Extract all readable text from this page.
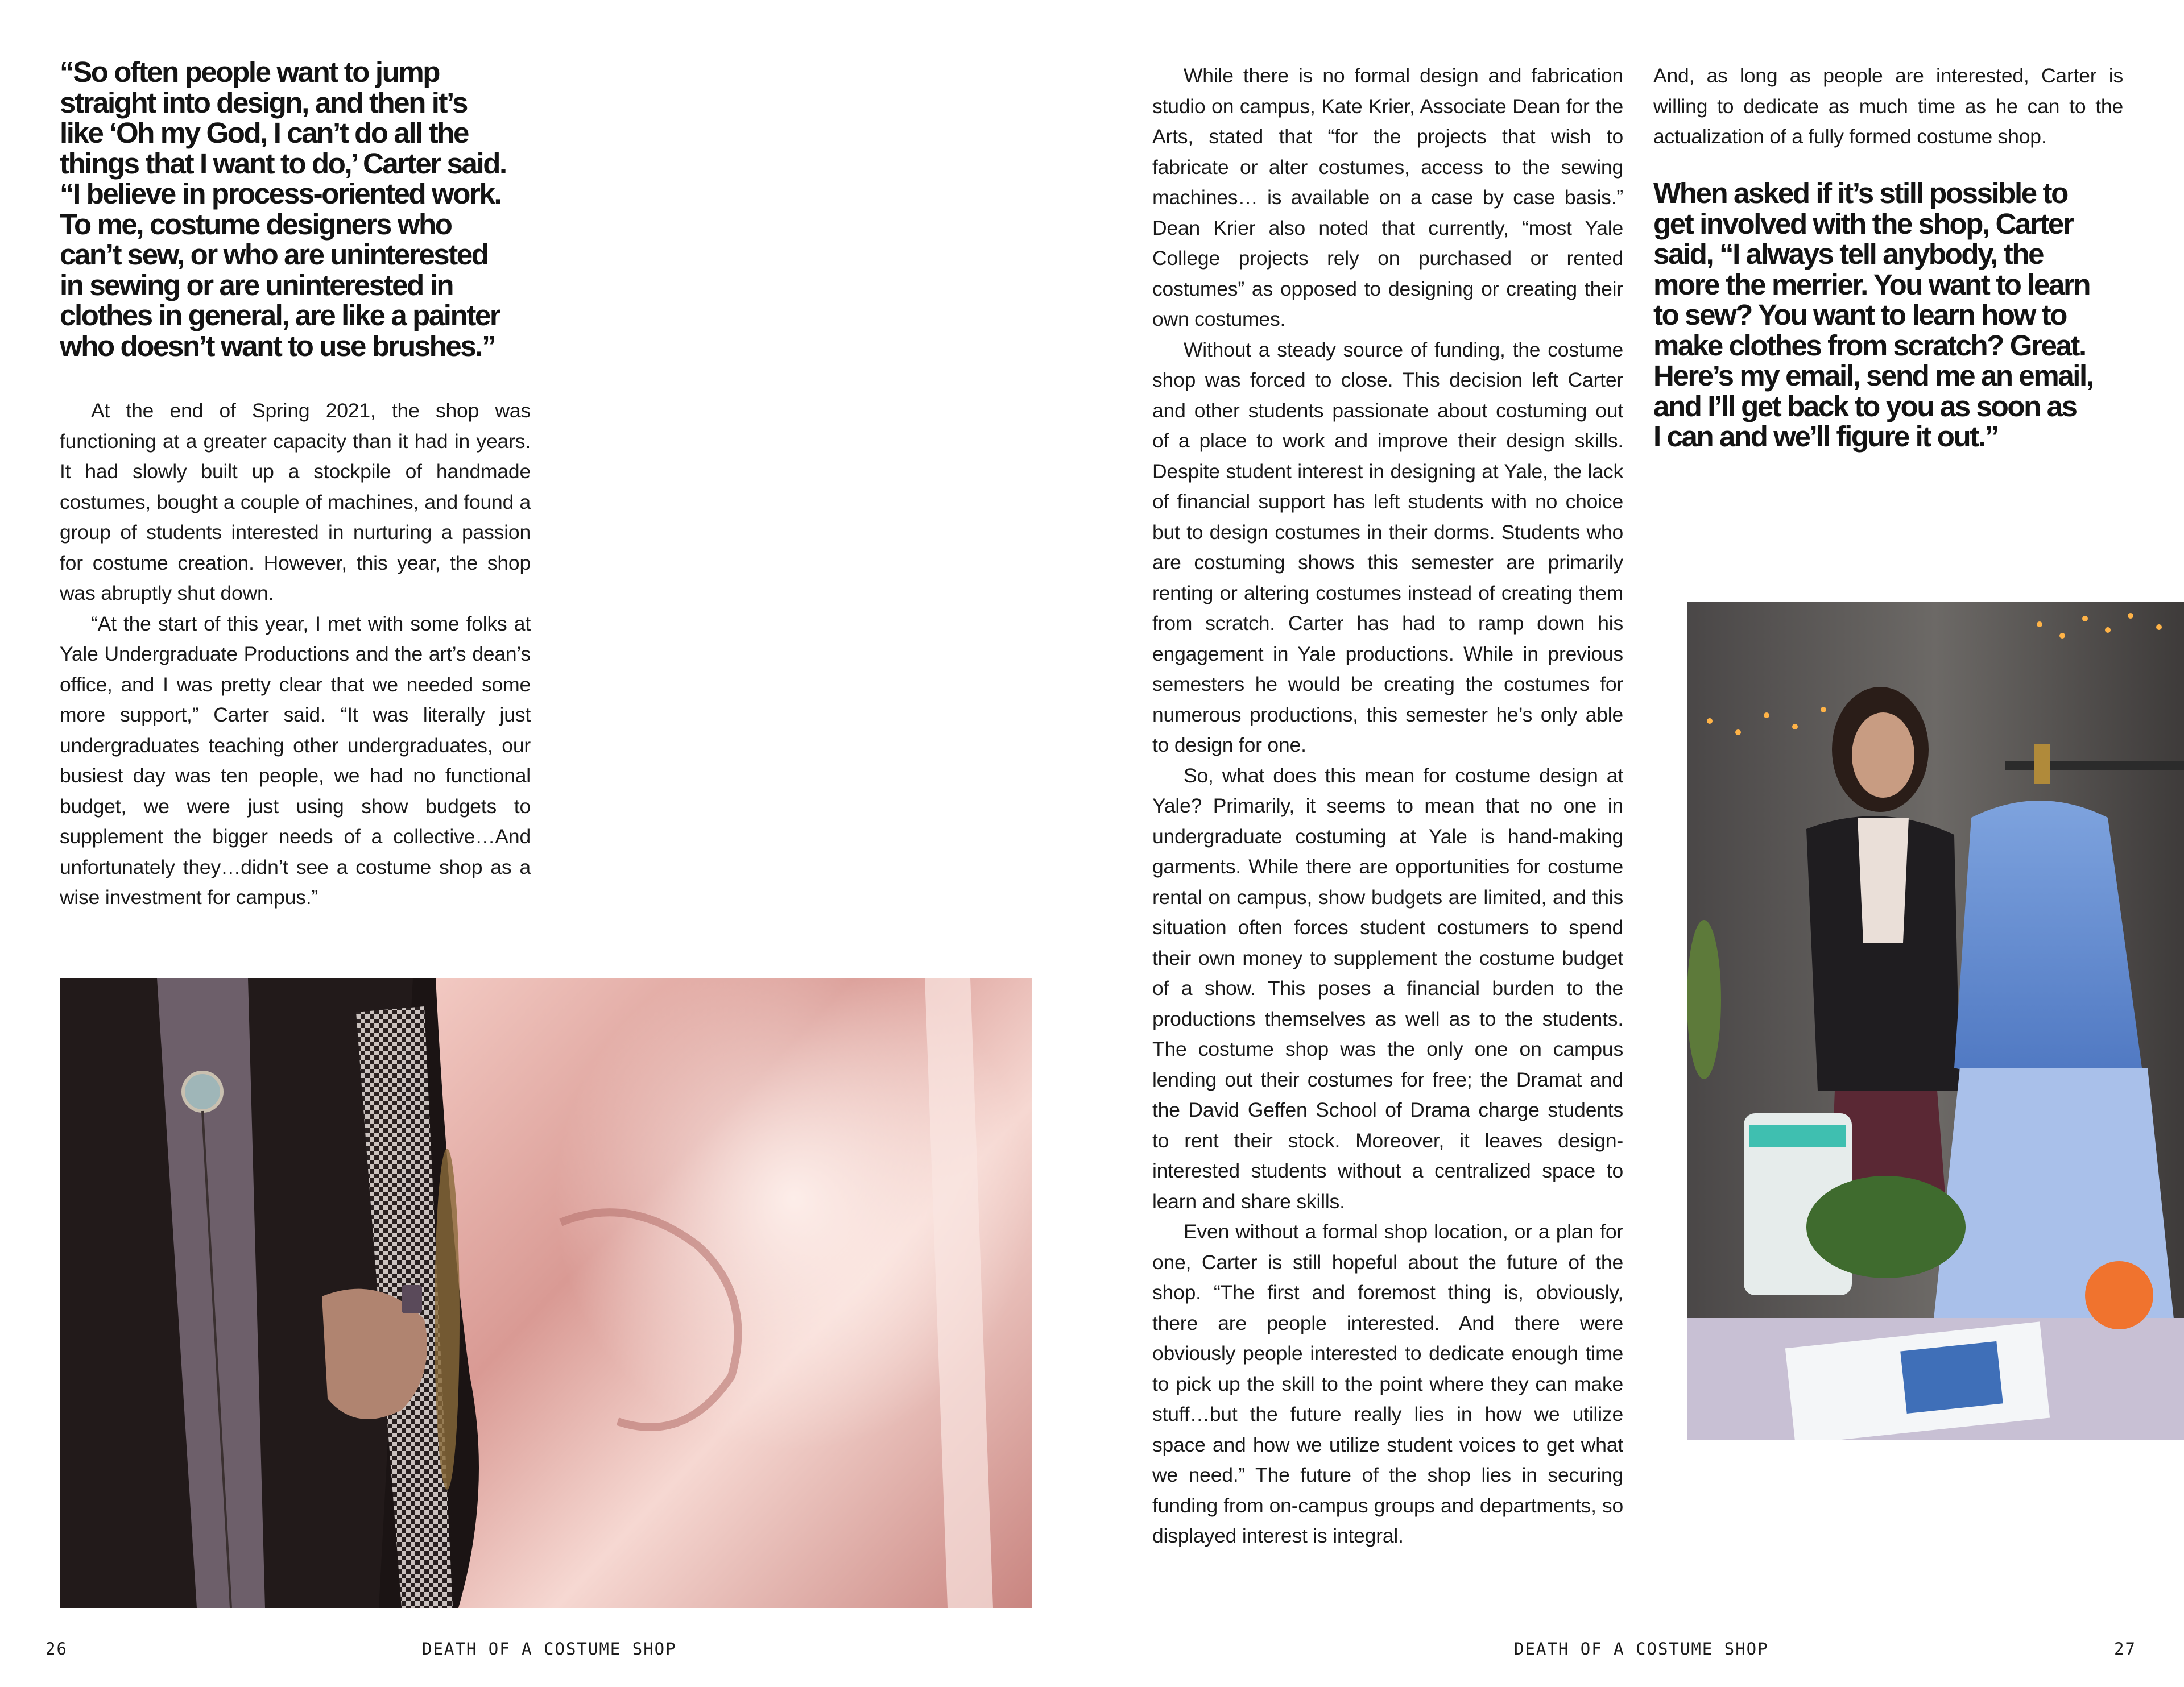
“So often people want to jump
straight into design, and then it’s
like ‘Oh my God, I can’t do all the
things that I want to do,’ Carter said.
“I believe in process-oriented work.
To me, costume designers who
can’t sew, or who are uninterested
in sewing or are uninterested in
clothes in general, are like a painter
who doesn’t want to use brushes.”

At the end of Spring 2021, the shop was functioning at a greater capacity than it had in years. It had slowly built up a stockpile of handmade costumes, bought a couple of machines, and found a group of students interested in nurturing a passion for costume creation. However, this year, the shop was abruptly shut down.

“At the start of this year, I met with some folks at Yale Undergraduate Productions and the art’s dean’s office, and I was pretty clear that we needed some more support,” Carter said. “It was literally just undergraduates teaching other undergraduates, our busiest day was ten people, we had no functional budget, we were just using show budgets to supplement the bigger needs of a collective…And unfortunately they…didn’t see a costume shop as a wise investment for campus.”

26	DEATH OF A COSTUME SHOP

While there is no formal design and fabrication studio on campus, Kate Krier, Associate Dean for the Arts, stated that “for the projects that wish to fabricate or alter costumes, access to the sewing machines… is available on a case by case basis.” Dean Krier also noted that currently, “most Yale College projects rely on purchased or rented costumes” as opposed to designing or creating their own costumes.

Without a steady source of funding, the costume shop was forced to close. This decision left Carter and other students passionate about costuming out of a place to work and improve their design skills. Despite student interest in designing at Yale, the lack of financial support has left students with no choice but to design costumes in their dorms. Students who are costuming shows this semester are primarily renting or altering costumes instead of creating them from scratch. Carter has had to ramp down his engagement in Yale productions. While in previous semesters he would be creating the costumes for numerous productions, this semester he’s only able to design for one.

So, what does this mean for costume design at Yale? Primarily, it seems to mean that no one in undergraduate costuming at Yale is hand-making garments. While there are opportunities for costume rental on campus, show budgets are limited, and this situation often forces student costumers to spend their own money to supplement the costume budget of a show. This poses a financial burden to the productions themselves as well as to the students. The costume shop was the only one on campus lending out their costumes for free; the Dramat and the David Geffen School of Drama charge students to rent their stock. Moreover, it leaves design-interested students without a centralized space to learn and share skills.

Even without a formal shop location, or a plan for one, Carter is still hopeful about the future of the shop. “The first and foremost thing is, obviously, there are people interested. And there were obviously people interested to dedicate enough time to pick up the skill to the point where they can make stuff…but the future really lies in how we utilize space and how we utilize student voices to get what we need.” The future of the shop lies in securing funding from on-campus groups and departments, so displayed interest is integral.

And, as long as people are interested, Carter is willing to dedicate as much time as he can to the actualization of a fully formed costume shop.

When asked if it’s still possible to
get involved with the shop, Carter
said, “I always tell anybody, the
more the merrier. You want to learn
to sew? You want to learn how to
make clothes from scratch? Great.
Here’s my email, send me an email,
and I’ll get back to you as soon as
I can and we’ll figure it out.”
DEATH OF A COSTUME SHOP	27
